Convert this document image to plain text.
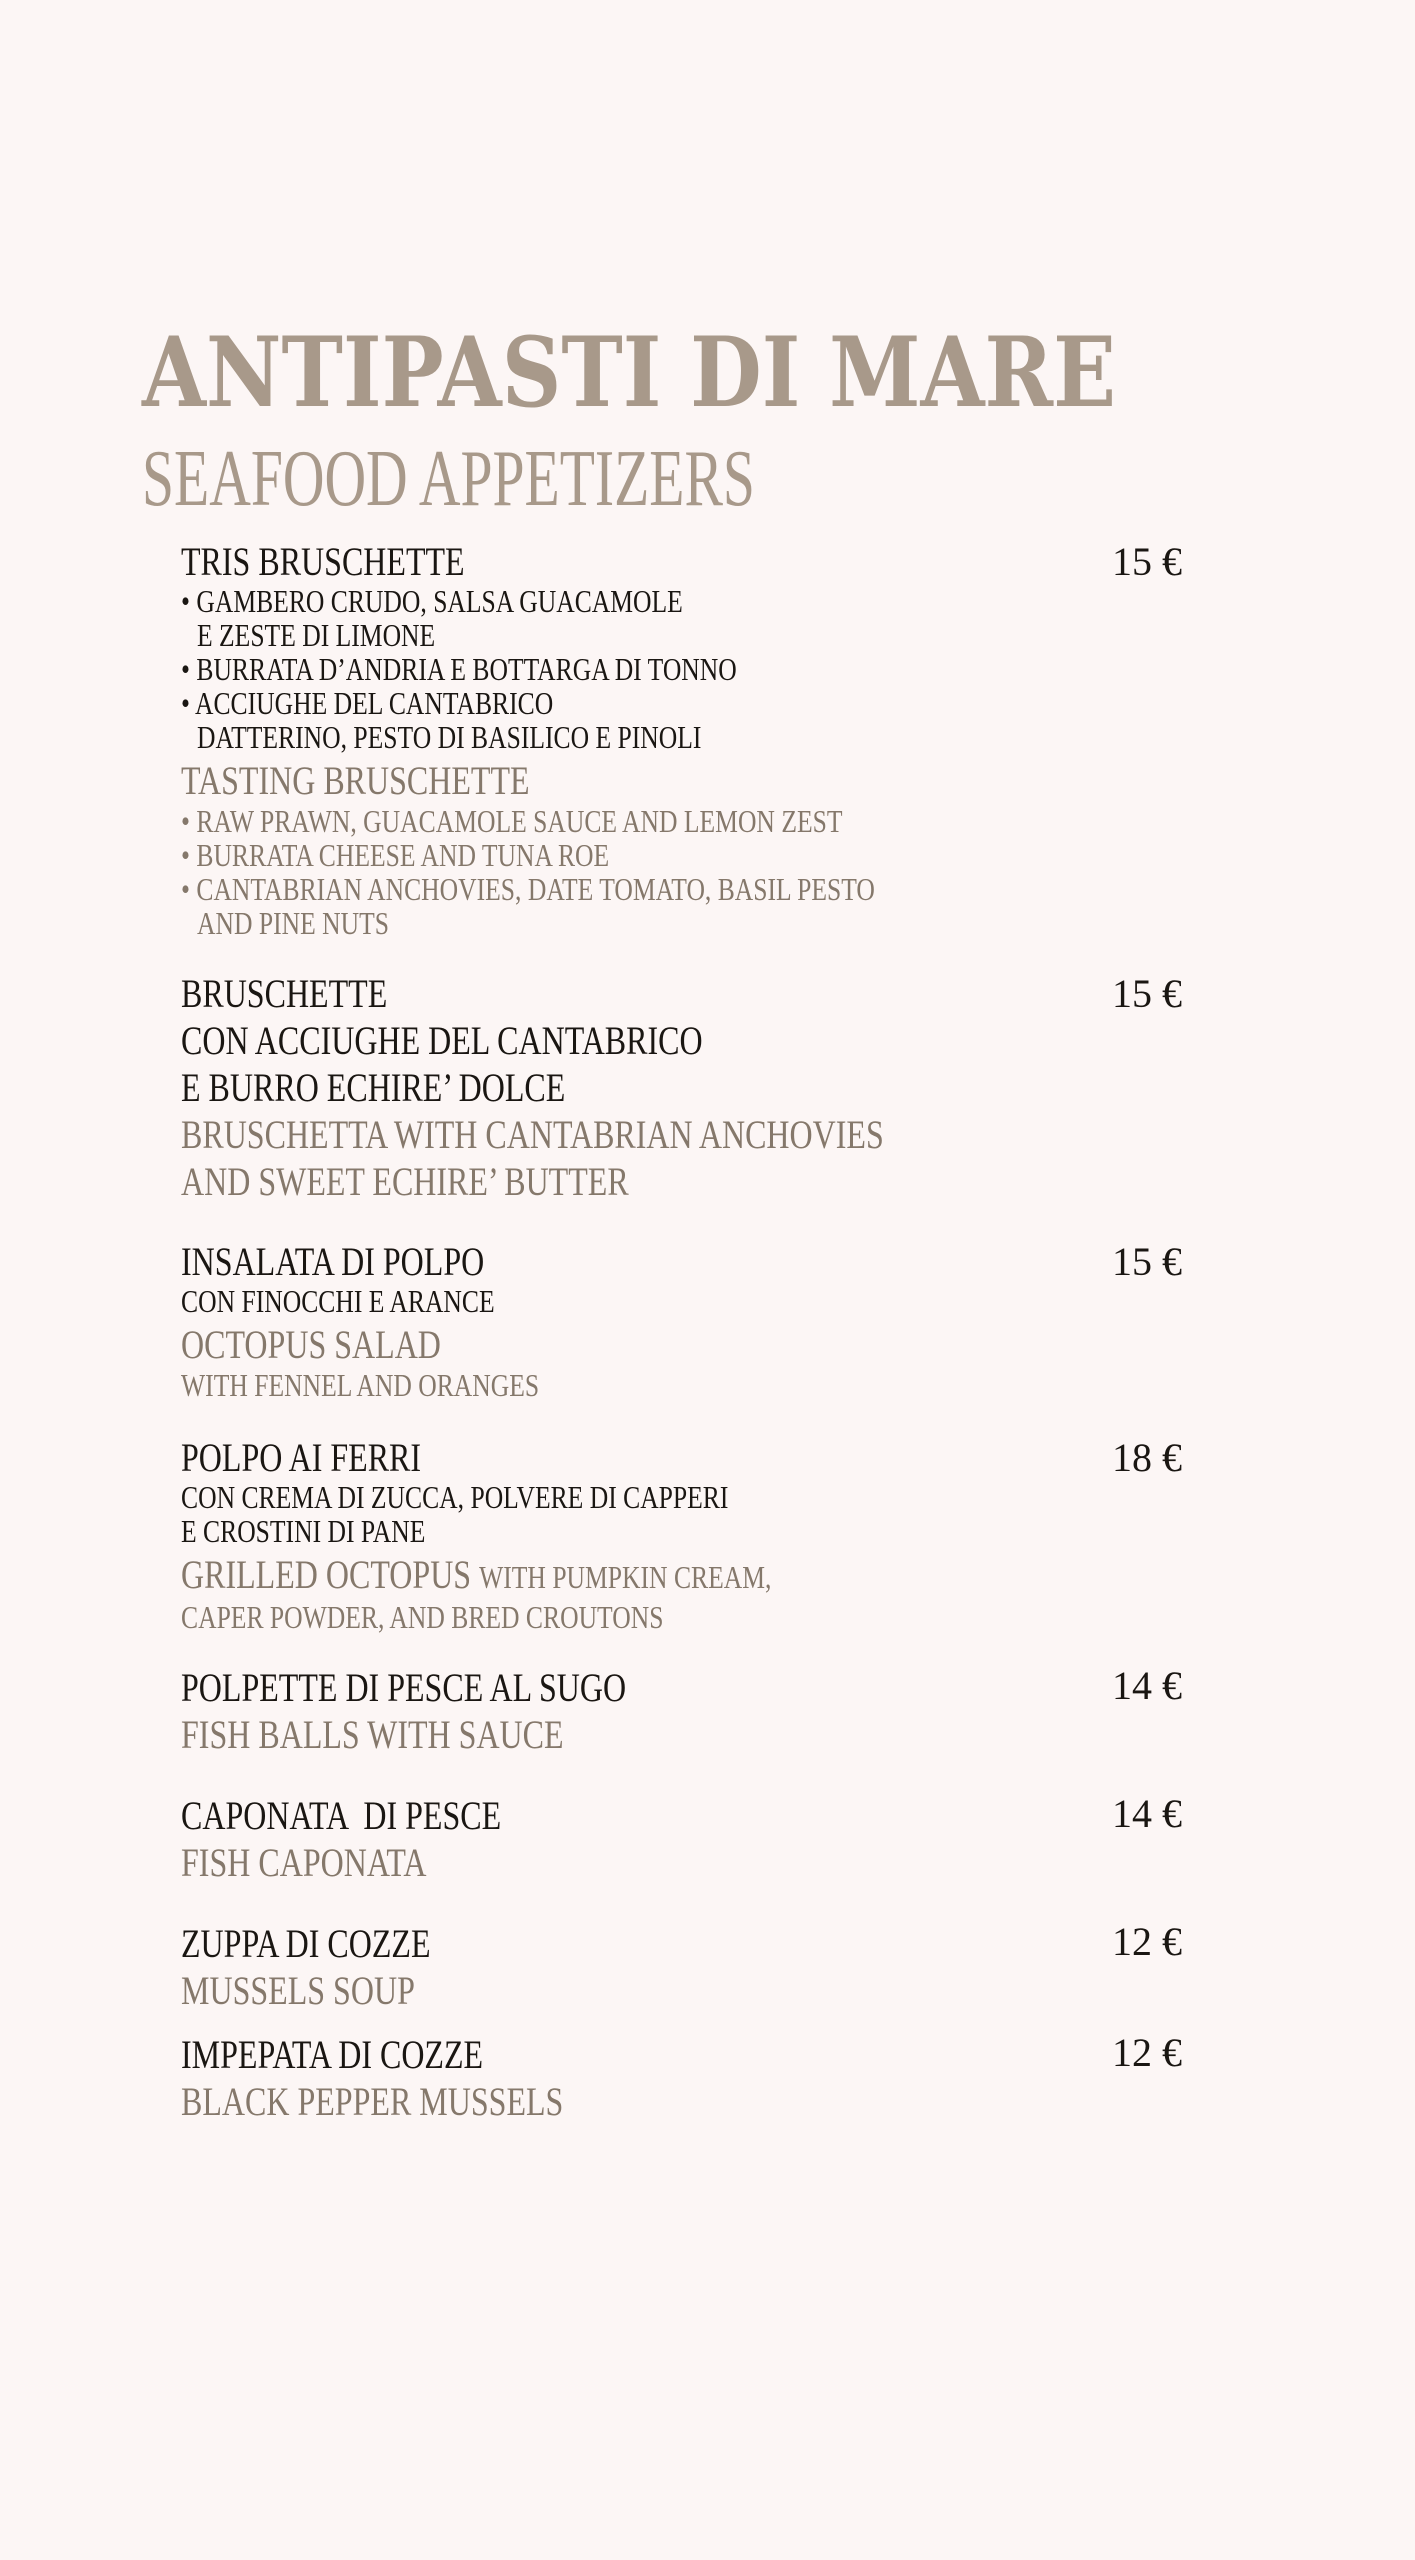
ANTIPASTI DI MARE
SEAFOOD APPETIZERS
TRIS BRUSCHETTE
• GAMBERO CRUDO, SALSA GUACAMOLE
E ZESTE DI LIMONE
• BURRATA D’ANDRIA E BOTTARGA DI TONNO
• ACCIUGHE DEL CANTABRICO
DATTERINO, PESTO DI BASILICO E PINOLI
TASTING BRUSCHETTE
• RAW PRAWN, GUACAMOLE SAUCE AND LEMON ZEST
• BURRATA CHEESE AND TUNA ROE
• CANTABRIAN ANCHOVIES, DATE TOMATO, BASIL PESTO
AND PINE NUTS
15 €
BRUSCHETTE
CON ACCIUGHE DEL CANTABRICO
E BURRO ECHIRE’ DOLCE
BRUSCHETTA WITH CANTABRIAN ANCHOVIES
AND SWEET ECHIRE’ BUTTER
15 €
INSALATA DI POLPO
CON FINOCCHI E ARANCE
OCTOPUS SALAD
WITH FENNEL AND ORANGES
15 €
POLPO AI FERRI
CON CREMA DI ZUCCA, POLVERE DI CAPPERI
E CROSTINI DI PANE
GRILLED OCTOPUS WITH PUMPKIN CREAM,
CAPER POWDER, AND BRED CROUTONS
18 €
POLPETTE DI PESCE AL SUGO
FISH BALLS WITH SAUCE
14 €
CAPONATA  DI PESCE
FISH CAPONATA
14 €
ZUPPA DI COZZE
MUSSELS SOUP
12 €
IMPEPATA DI COZZE
BLACK PEPPER MUSSELS
12 €
